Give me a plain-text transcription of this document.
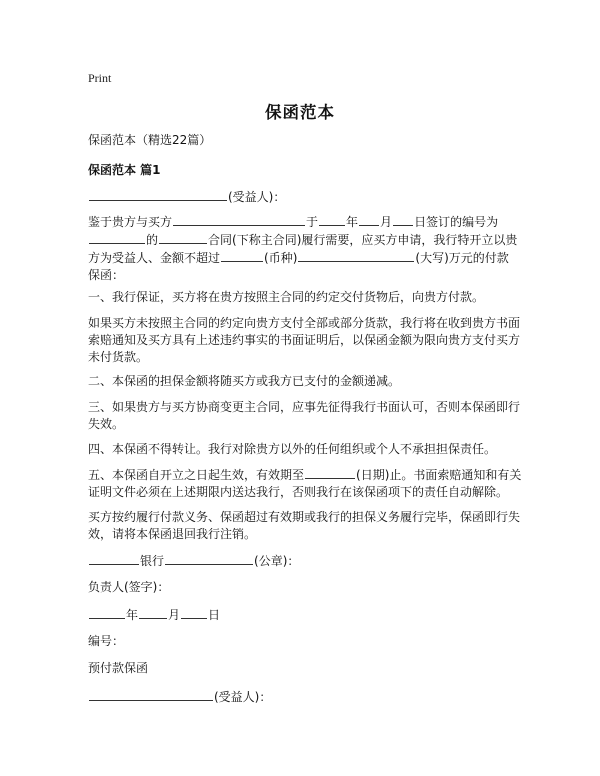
Print
保函范本
保函范本（精选22篇）
保函范本 篇1
(受益人)：
鉴于贵方与买方	于 年 月 日签订的编号为
的	合同(下称主合同)履行需要，应买方申请，我行特开立以贵
方为受益人、金额不超过	(币种)	(大写)万元的付款
保函：
一、我行保证，买方将在贵方按照主合同的约定交付货物后，向贵方付款。
如果买方未按照主合同的约定向贵方支付全部或部分货款，我行将在收到贵方书面
索赔通知及买方具有上述违约事实的书面证明后，以保函金额为限向贵方支付买方
未付货款。
二、本保函的担保金额将随买方或我方已支付的金额递减。
三、如果贵方与买方协商变更主合同，应事先征得我行书面认可，否则本保函即行
失效。
四、本保函不得转让。我行对除贵方以外的任何组织或个人不承担担保责任。
五、本保函自开立之日起生效，有效期至	(日期)止。书面索赔通知和有关
证明文件必须在上述期限内送达我行，否则我行在该保函项下的责任自动解除。
买方按约履行付款义务、保函超过有效期或我行的担保义务履行完毕，保函即行失
效，请将本保函退回我行注销。
银行	(公章)：
负责人(签字)：
年	月 日
编号：
预付款保函
(受益人)：
